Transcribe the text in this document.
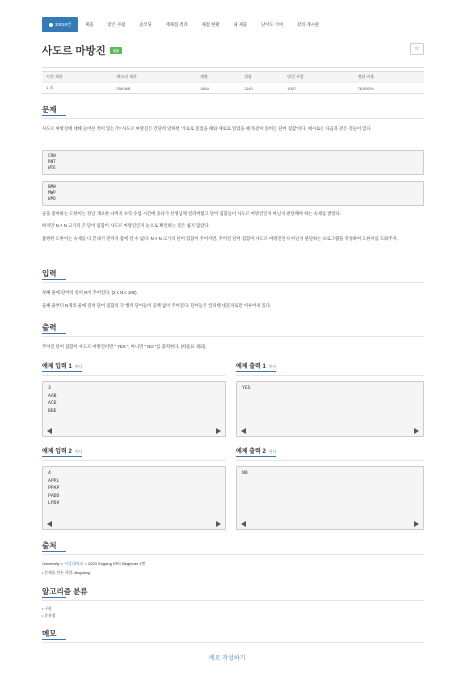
30019번	제출	맞은 사람	숏코딩	재채점 결과	채점 현황	내 제출	난이도 기여	강의 게시판
사도르 마방진	성공	☆
시간 제한	메모리 제한	제출	정답	맞힌 사람	정답 비율
1 초	256 MB	1484	1140	1007	78.890%
문제
사도르 마방진에 대해 들어본 적이 있는가? 사도르 마방진은 간단히 말하면 '가로로 읽었을 때와 세로로 읽었을 때 똑같이 읽히는 단어 집합'이다. 예시로는 다음과 같은 것들이 있다.
CRW
RNT
WTE
BMW
MWP
WPD
술을 좋아하는 도한이는 전날 개요한 나머지 수학 수업 시간에 졸다가 선생님께 걸려버렸고 단어 집합들이 사도르 마방진인지 아닌지 판단해야 하는 숙제를 받았다.
하지만 N × N 크기의 큰 단어 집합이 사도르 마방진인지 눈으로 확인하는 것은 쉽지 않았다.
불쌍한 도한이는 숙제를 다 끝내기 전까지 잠에 갈 수 없다. N × N 크기의 단어 집합이 주어지면, 주어진 단어 집합이 사도르 마방진인지 아닌지 판단하는 프로그램을 작성하여 도한이를 도와주자.
입력
첫째 줄에 단어의 길이 N이 주어진다. (2 ≤ N ≤ 100)
둘째 줄부터 N개의 줄에 걸쳐 단어 집합의 각 행의 단어들이 공백 없이 주어진다. 단어들은 알파벳 대문자로만 이루어져 있다.
출력
주어진 단어 집합이 사도르 마방진이면 " YES ", 아니면 " NO "를 출력한다. (따옴표 제외)
예제 입력 1 복사	예제 출력 1 복사
3
AAB
ACD
BDE
YES
예제 입력 2 복사	예제 출력 2 복사
4
APPL
PPAP
PADD
LPDV
NO
출처
University > 서강대학교 > 2023 Sogang SPC Beginner 1번
• 문제를 만든 사람: dingdong
알고리즘 분류
• 구현
• 문자열
메모
메모 작성하기
